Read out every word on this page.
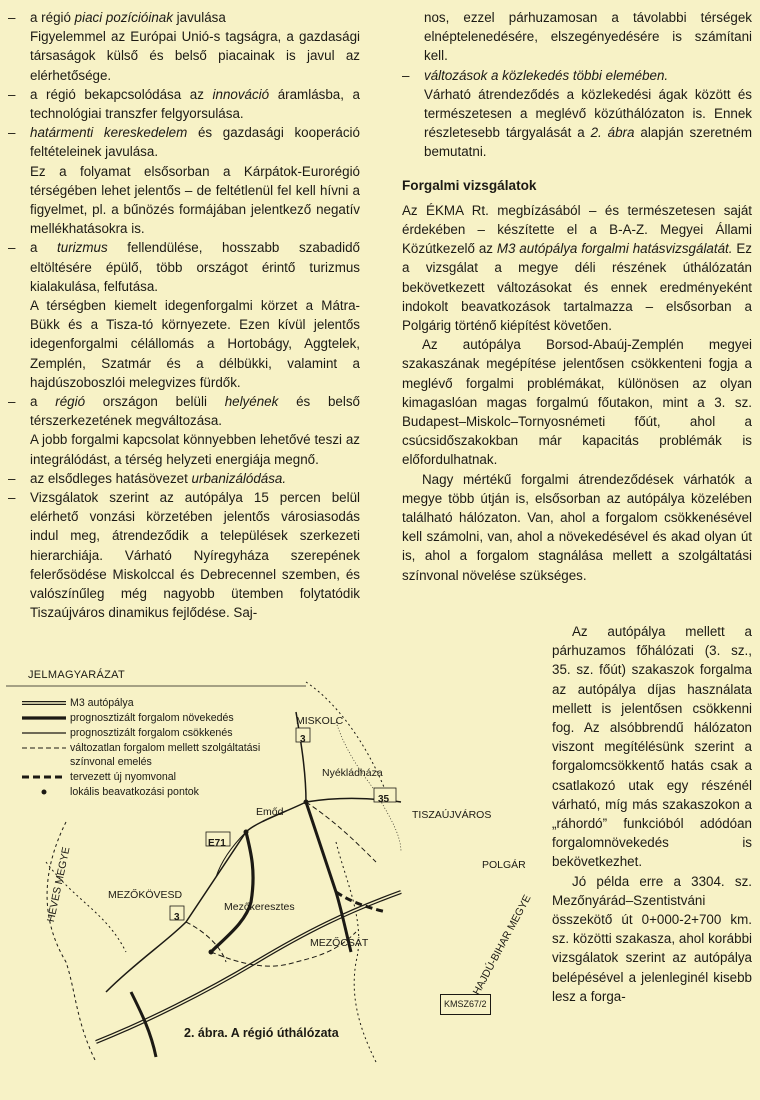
–	a régió piaci pozícióinak javulása
Figyelemmel az Európai Unió-s tagságra, a gazdasági társaságok külső és belső piacainak is javul az elérhetősége.
–	a régió bekapcsolódása az innováció áramlásba, a technológiai transzfer felgyorsulása.
–	határmenti kereskedelem és gazdasági kooperáció feltételeinek javulása.
Ez a folyamat elsősorban a Kárpátok-Eurorégió térségében lehet jelentős – de feltétlenül fel kell hívni a figyelmet, pl. a bűnözés formájában jelentkező negatív mellékhatásokra is.
–	a turizmus fellendülése, hosszabb szabadidő eltöltésére épülő, több országot érintő turizmus kialakulása, felfutása.
A térségben kiemelt idegenforgalmi körzet a Mátra-Bükk és a Tisza-tó környezete. Ezen kívül jelentős idegenforgalmi célállomás a Hortobágy, Aggtelek, Zemplén, Szatmár és a délbükki, valamint a hajdúszoboszlói melegvizes fürdők.
–	a régió országon belüli helyének és belső térszerkezetének megváltozása.
A jobb forgalmi kapcsolat könnyebben lehetővé teszi az integrálódást, a térség helyzeti energiája megnő.
–	az elsődleges hatásövezet urbanizálódása.
–	Vizsgálatok szerint az autópálya 15 percen belül elérhető vonzási körzetében jelentős városiasodás indul meg, átrendeződik a települések szerkezeti hierarchiája. Várható Nyíregyháza szerepének felerősödése Miskolccal és Debrecennel szemben, és valószínűleg még nagyobb ütemben folytatódik Tiszaújváros dinamikus fejlődése. Saj-
nos, ezzel párhuzamosan a távolabbi térségek elnéptelenedésére, elszegényedésére is számítani kell.
–	változások a közlekedés többi elemében.
Várható átrendeződés a közlekedési ágak között és természetesen a meglévő közúthálózaton is. Ennek részletesebb tárgyalását a 2. ábra alapján szeretném bemutatni.
Forgalmi vizsgálatok
Az ÉKMA Rt. megbízásából – és természetesen saját érdekében – készítette el a B-A-Z. Megyei Állami Közútkezelő az M3 autópálya forgalmi hatásvizsgálatát. Ez a vizsgálat a megye déli részének úthálózatán bekövetkezett változásokat és ennek eredményeként indokolt beavatkozások tartalmazza – elsősorban a Polgárig történő kiépítést követően.
Az autópálya Borsod-Abaúj-Zemplén megyei szakaszának megépítése jelentősen csökkenteni fogja a meglévő forgalmi problémákat, különösen az olyan kimagaslóan magas forgalmú főutakon, mint a 3. sz. Budapest–Miskolc–Tornyosnémeti főút, ahol a csúcsidőszakokban már kapacitás problémák is előfordulhatnak.
Nagy mértékű forgalmi átrendeződések várhatók a megye több útján is, elsősorban az autópálya közelében található hálózaton. Van, ahol a forgalom csökkenésével kell számolni, van, ahol a növekedésével és akad olyan út is, ahol a forgalom stagnálása mellett a szolgáltatási színvonal növelése szükséges.
Az autópálya mellett a párhuzamos főhálózati (3. sz., 35. sz. főút) szakaszok forgalma az autópálya díjas használata mellett is jelentősen csökkenni fog. Az alsóbbrendű hálózaton viszont megítélésünk szerint a forgalomcsökkentő hatás csak a csatlakozó utak egy részénél várható, míg más szakaszokon a „ráhordó” funkcióból adódóan forgalomnövekedés is bekövetkezhet.
Jó példa erre a 3304. sz. Mezőnyárád–Szentistváni összekötő út 0+000-2+700 km. sz. közötti szakasza, ahol korábbi vizsgálatok szerint az autópálya belépésével a jelenleginél kisebb lesz a forga-
JELMAGYARÁZAT
KMSZ67/2
M3 autópálya
prognosztizált forgalom növekedés
prognosztizált forgalom csökkenés
változatlan forgalom mellett szolgáltatási színvonal emelés
tervezett új nyomvonal
lokális beavatkozási pontok
MISKOLC
Nyékládháza
Emőd	TISZAÚJVÁROS
POLGÁR
MEZŐKÖVESD
Mezőkeresztes
MEZŐCSÁT
HEVES MEGYE
HAJDÚ-BIHAR MEGYE
3
35
E71
3
2. ábra. A régió úthálózata
